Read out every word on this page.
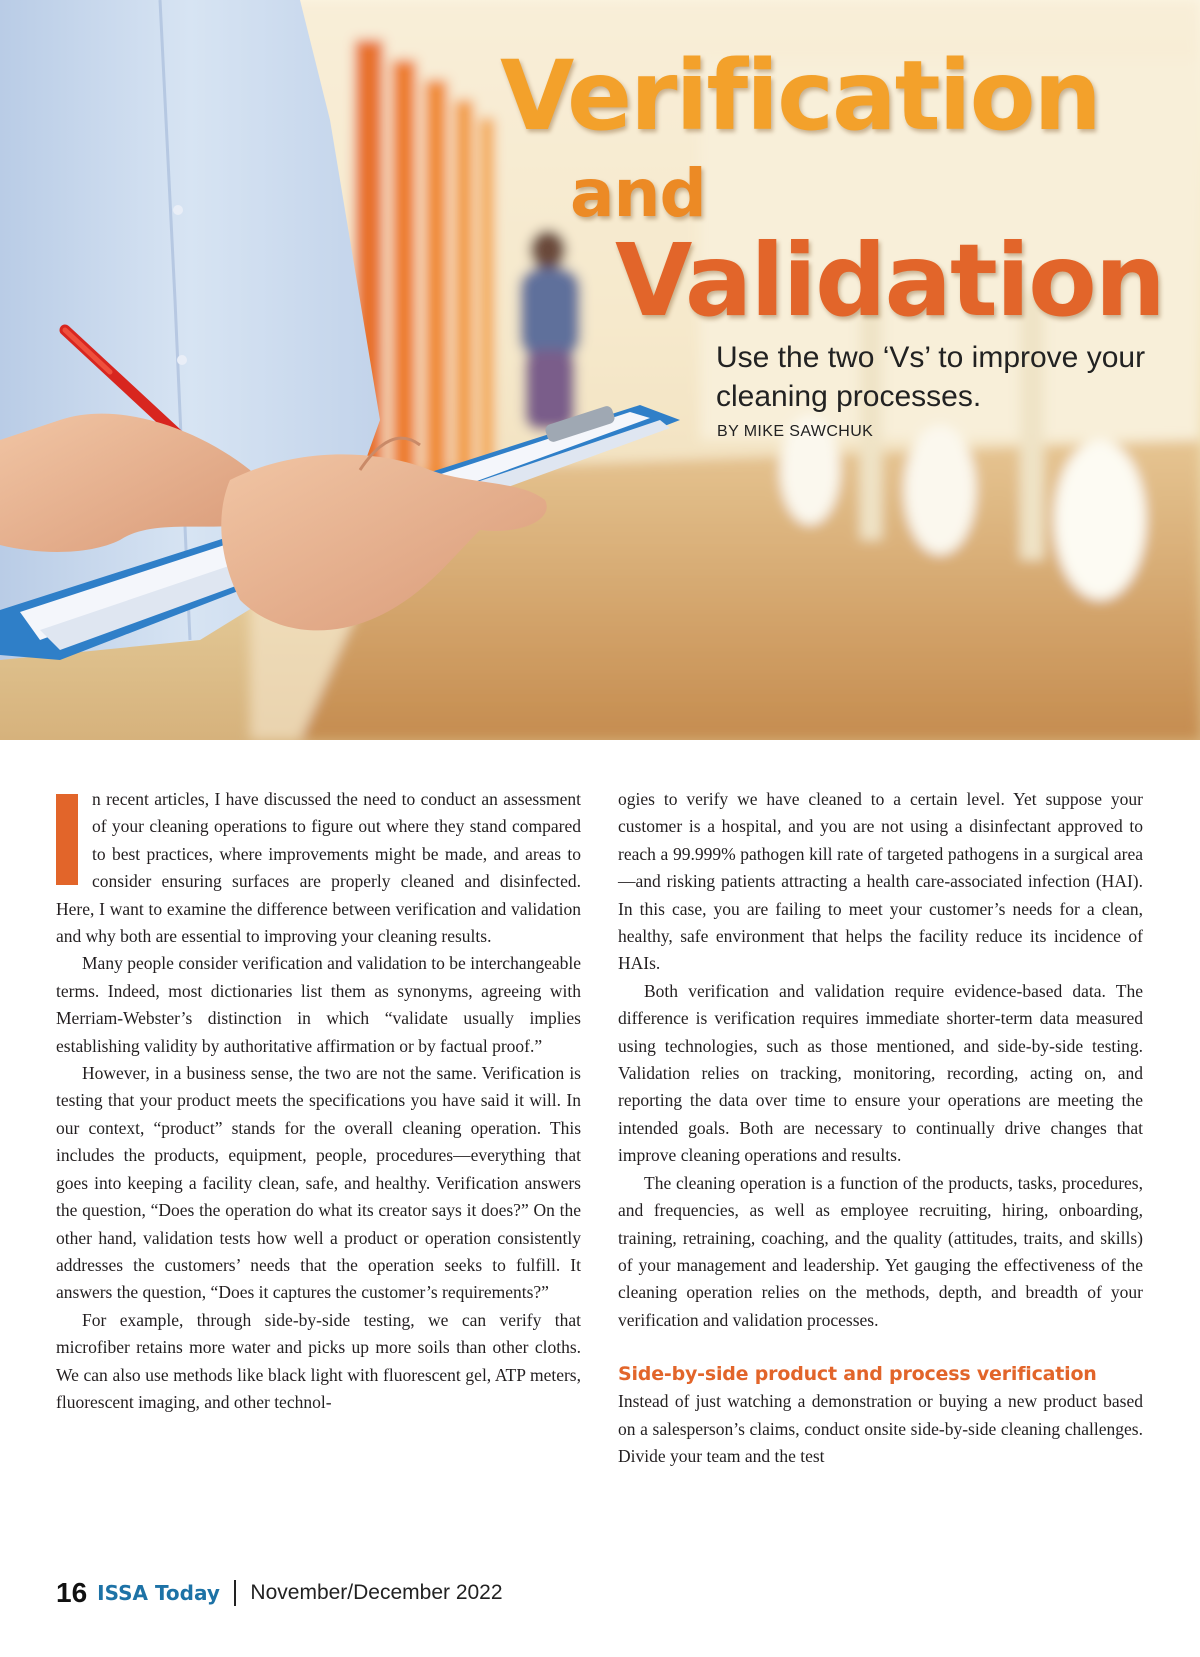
Verification
and
Validation

Use the two ‘Vs’ to improve your cleaning processes.

BY MIKE SAWCHUK

n recent articles, I have discussed the need to conduct an assessment of your cleaning operations to figure out where they stand compared to best practices, where improvements might be made, and areas to consider ensuring surfaces are properly cleaned and disinfected. Here, I want to examine the difference between verification and validation and why both are essential to improving your cleaning results.

Many people consider verification and validation to be interchangeable terms. Indeed, most dictionaries list them as synonyms, agreeing with Merriam-Webster’s distinction in which “validate usually implies establishing validity by authoritative affirmation or by factual proof.”

However, in a business sense, the two are not the same. Verification is testing that your product meets the specifications you have said it will. In our context, “product” stands for the overall cleaning operation. This includes the products, equipment, people, procedures—everything that goes into keeping a facility clean, safe, and healthy. Verification answers the question, “Does the operation do what its creator says it does?” On the other hand, validation tests how well a product or operation consistently addresses the customers’ needs that the operation seeks to fulfill. It answers the question, “Does it captures the customer’s requirements?”

For example, through side-by-side testing, we can verify that microfiber retains more water and picks up more soils than other cloths. We can also use methods like black light with fluorescent gel, ATP meters, fluorescent imaging, and other technol-

ogies to verify we have cleaned to a certain level. Yet suppose your customer is a hospital, and you are not using a disinfectant approved to reach a 99.999% pathogen kill rate of targeted pathogens in a surgical area—and risking patients attracting a health care-associated infection (HAI). In this case, you are failing to meet your customer’s needs for a clean, healthy, safe environment that helps the facility reduce its incidence of HAIs.

Both verification and validation require evidence-based data. The difference is verification requires immediate shorter-term data measured using technologies, such as those mentioned, and side-by-side testing. Validation relies on tracking, monitoring, recording, acting on, and reporting the data over time to ensure your operations are meeting the intended goals. Both are necessary to continually drive changes that improve cleaning operations and results.

The cleaning operation is a function of the products, tasks, procedures, and frequencies, as well as employee recruiting, hiring, onboarding, training, retraining, coaching, and the quality (attitudes, traits, and skills) of your management and leadership. Yet gauging the effectiveness of the cleaning operation relies on the methods, depth, and breadth of your verification and validation processes.

Side-by-side product and process verification

Instead of just watching a demonstration or buying a new product based on a salesperson’s claims, conduct onsite side-by-side cleaning challenges. Divide your team and the test

16 ISSA Today November/December 2022
